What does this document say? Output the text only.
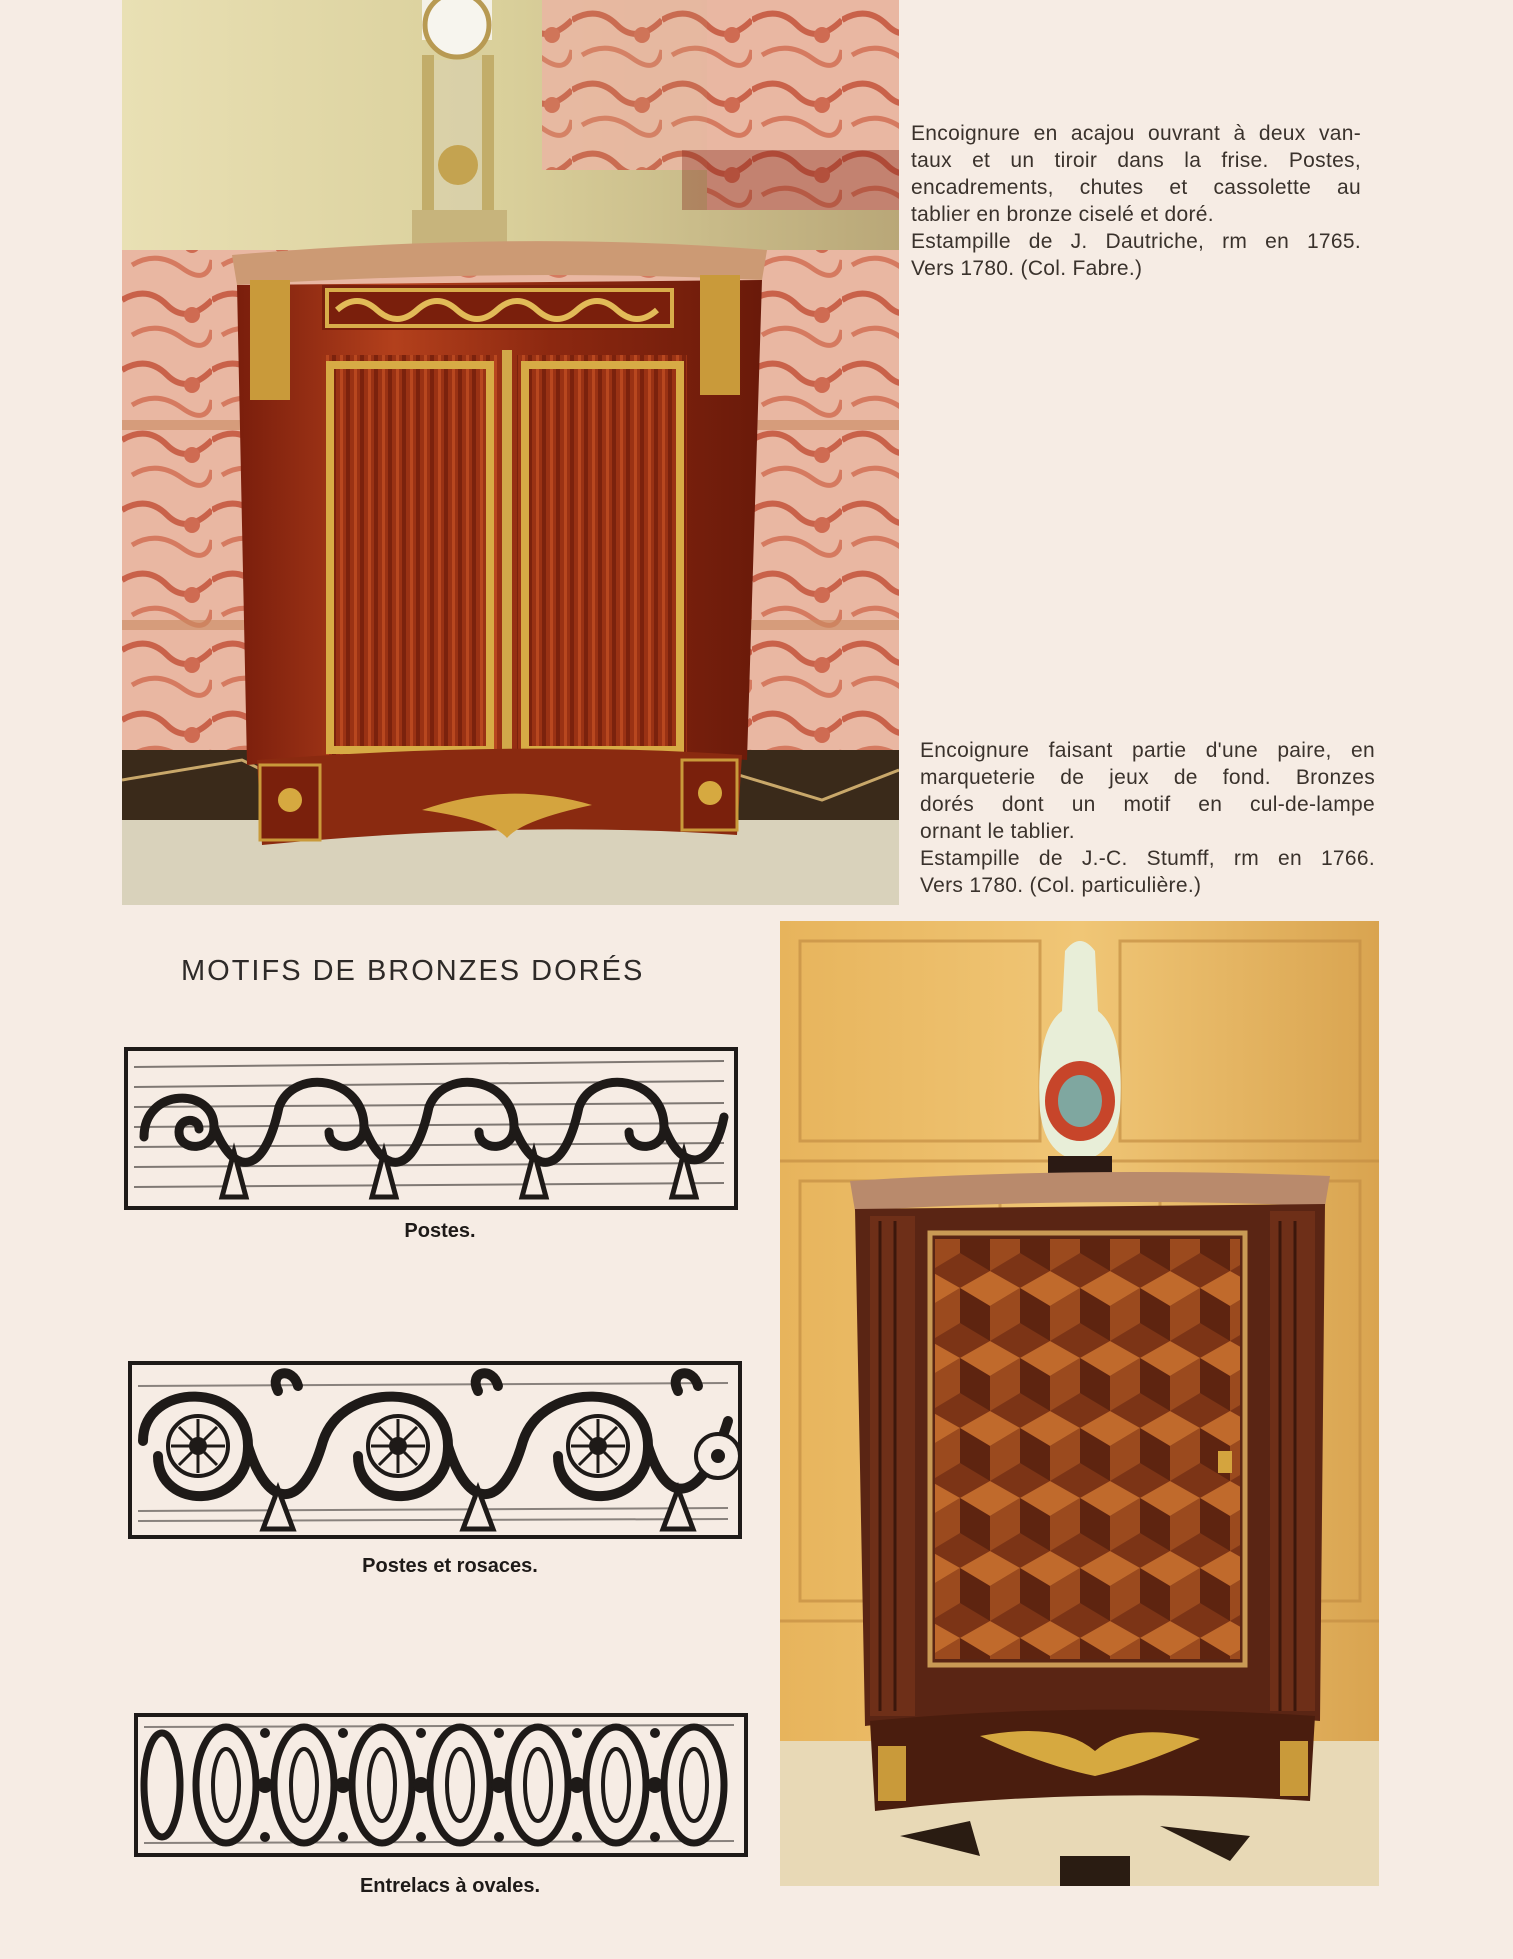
Encoignure en acajou ouvrant à deux van-

taux et un tiroir dans la frise. Postes,

encadrements, chutes et cassolette au

tablier en bronze ciselé et doré.

Estampille de J. Dautriche, rm en 1765.

Vers 1780. (Col. Fabre.)

Encoignure faisant partie d'une paire, en

marqueterie de jeux de fond. Bronzes

dorés dont un motif en cul-de-lampe

ornant le tablier.

Estampille de J.-C. Stumff, rm en 1766.

Vers 1780. (Col. particulière.)

MOTIFS DE BRONZES DORÉS
Postes.
Postes et rosaces.
Entrelacs à ovales.
